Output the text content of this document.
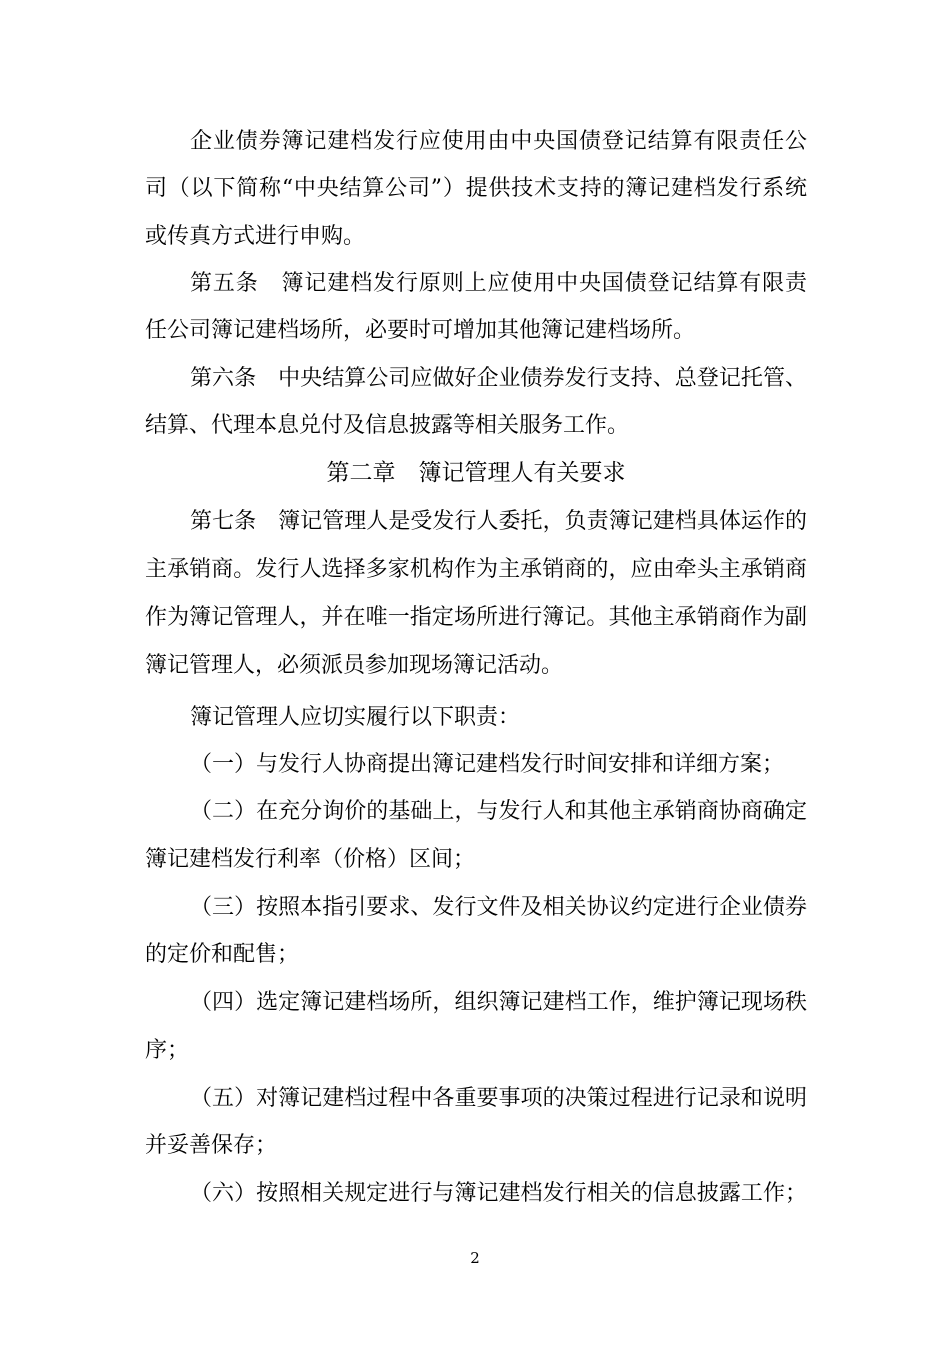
企业债券簿记建档发行应使用由中央国债登记结算有限责任公
司（以下简称“中央结算公司”）提供技术支持的簿记建档发行系统
或传真方式进行申购。
第五条　簿记建档发行原则上应使用中央国债登记结算有限责
任公司簿记建档场所，必要时可增加其他簿记建档场所。
第六条　中央结算公司应做好企业债券发行支持、总登记托管、
结算、代理本息兑付及信息披露等相关服务工作。
第二章　簿记管理人有关要求
第七条　簿记管理人是受发行人委托，负责簿记建档具体运作的
主承销商。发行人选择多家机构作为主承销商的，应由牵头主承销商
作为簿记管理人，并在唯一指定场所进行簿记。其他主承销商作为副
簿记管理人，必须派员参加现场簿记活动。
簿记管理人应切实履行以下职责：
（一）与发行人协商提出簿记建档发行时间安排和详细方案；
（二）在充分询价的基础上，与发行人和其他主承销商协商确定
簿记建档发行利率（价格）区间；
（三）按照本指引要求、发行文件及相关协议约定进行企业债券
的定价和配售；
（四）选定簿记建档场所，组织簿记建档工作，维护簿记现场秩
序；
（五）对簿记建档过程中各重要事项的决策过程进行记录和说明
并妥善保存；
（六）按照相关规定进行与簿记建档发行相关的信息披露工作；
2
